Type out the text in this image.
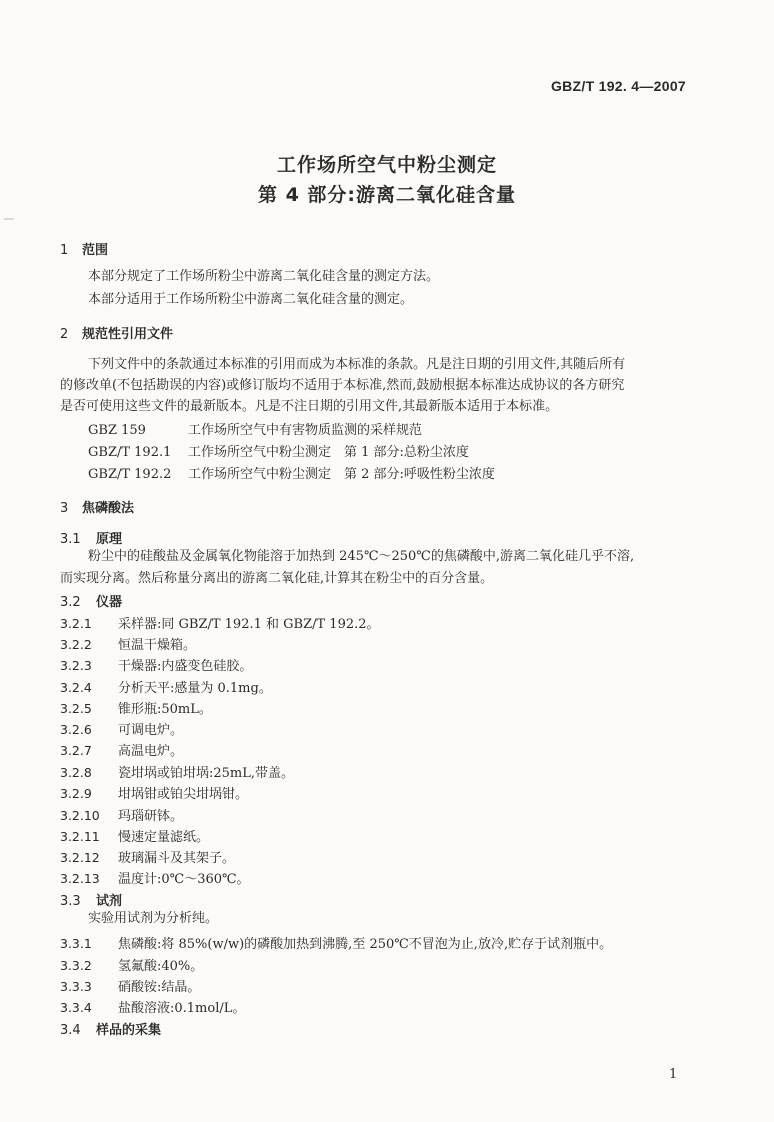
GBZ/T 192. 4—2007
工作场所空气中粉尘测定
第 4 部分:游离二氧化硅含量
1 范围
本部分规定了工作场所粉尘中游离二氧化硅含量的测定方法。
本部分适用于工作场所粉尘中游离二氧化硅含量的测定。
2 规范性引用文件
下列文件中的条款通过本标准的引用而成为本标准的条款。凡是注日期的引用文件,其随后所有
的修改单(不包括勘误的内容)或修订版均不适用于本标准,然而,鼓励根据本标准达成协议的各方研究
是否可使用这些文件的最新版本。凡是不注日期的引用文件,其最新版本适用于本标准。
GBZ 159	工作场所空气中有害物质监测的采样规范
GBZ/T 192.1 工作场所空气中粉尘测定　第 1 部分:总粉尘浓度
GBZ/T 192.2 工作场所空气中粉尘测定　第 2 部分:呼吸性粉尘浓度
3 焦磷酸法
3.1 原理
粉尘中的硅酸盐及金属氧化物能溶于加热到 245℃～250℃的焦磷酸中,游离二氧化硅几乎不溶,
而实现分离。然后称量分离出的游离二氧化硅,计算其在粉尘中的百分含量。
3.2 仪器
3.2.1 采样器:同 GBZ/T 192.1 和 GBZ/T 192.2。
3.2.2 恒温干燥箱。
3.2.3 干燥器:内盛变色硅胶。
3.2.4 分析天平:感量为 0.1mg。
3.2.5 锥形瓶:50mL。
3.2.6 可调电炉。
3.2.7 高温电炉。
3.2.8 瓷坩埚或铂坩埚:25mL,带盖。
3.2.9 坩埚钳或铂尖坩埚钳。
3.2.10 玛瑙研钵。
3.2.11 慢速定量滤纸。
3.2.12 玻璃漏斗及其架子。
3.2.13 温度计:0℃～360℃。
3.3 试剂
实验用试剂为分析纯。
3.3.1 焦磷酸:将 85%(w/w)的磷酸加热到沸腾,至 250℃不冒泡为止,放冷,贮存于试剂瓶中。
3.3.2 氢氟酸:40%。
3.3.3 硝酸铵:结晶。
3.3.4 盐酸溶液:0.1mol/L。
3.4 样品的采集
1
